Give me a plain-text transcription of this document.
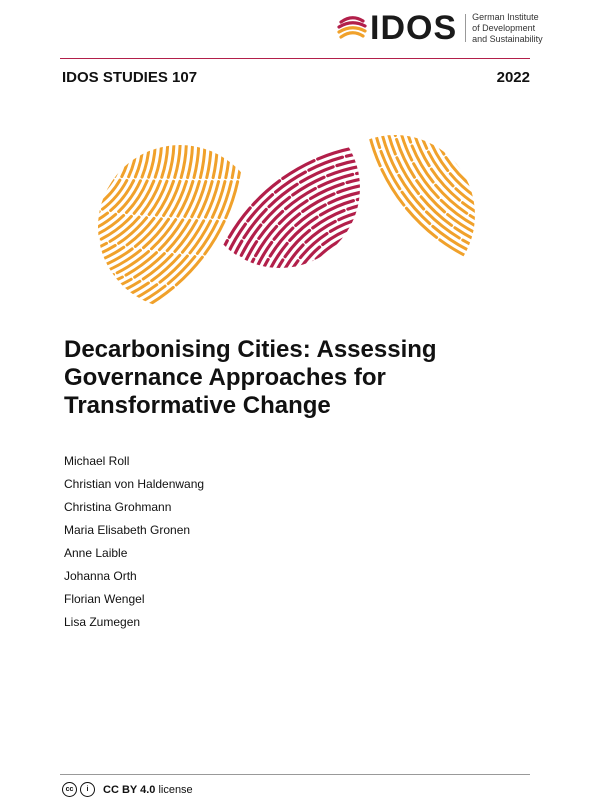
IDOS German Institute
of Development
and Sustainability
IDOS STUDIES 107	2022
Decarbonising Cities: Assessing
Governance Approaches for
Transformative Change
Michael Roll
Christian von Haldenwang
Christina Grohmann
Maria Elisabeth Gronen
Anne Laible
Johanna Orth
Florian Wengel
Lisa Zumegen
cc	i	CC BY 4.0 license
